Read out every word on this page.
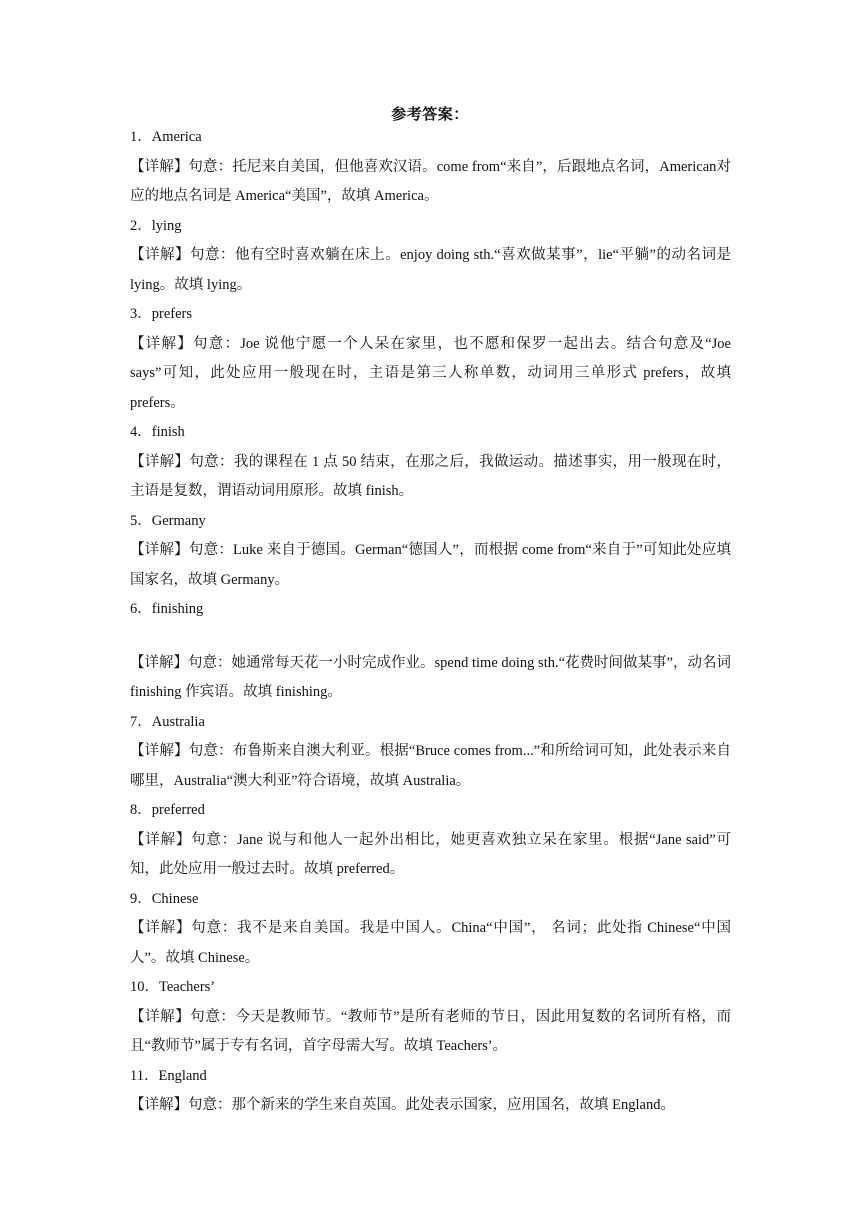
参考答案：
1 ． America
【详解】句意：托尼来自美国，但他喜欢汉语。come from“来自”，后跟地点名词，American对应的地点名词是 America“美国”，故填 America。
2 ． lying
【详解】句意：他有空时喜欢躺在床上。enjoy doing sth.“喜欢做某事”，lie“平躺”的动名词是 lying。故填 lying。
3 ． prefers
【详解】句意：Joe 说他宁愿一个人呆在家里，也不愿和保罗一起出去。结合句意及“Joe says”可知，此处应用一般现在时，主语是第三人称单数，动词用三单形式 prefers，故填 prefers。
4 ． finish
【详解】句意：我的课程在 1 点 50 结束，在那之后，我做运动。描述事实，用一般现在时，主语是复数，谓语动词用原形。故填 finish。
5 ． Germany
【详解】句意：Luke 来自于德国。German“德国人”，而根据 come from“来自于”可知此处应填国家名，故填 Germany。
6 ． finishing
【详解】句意：她通常每天花一小时完成作业。spend time doing sth.“花费时间做某事”，动名词 finishing 作宾语。故填 finishing。
7 ． Australia
【详解】句意：布鲁斯来自澳大利亚。根据“Bruce comes from...”和所给词可知，此处表示来自哪里，Australia“澳大利亚”符合语境，故填 Australia。
8 ． preferred
【详解】句意：Jane 说与和他人一起外出相比，她更喜欢独立呆在家里。根据“Jane said”可知，此处应用一般过去时。故填 preferred。
9 ． Chinese
【详解】句意：我不是来自美国。我是中国人。China“中国”， 名词；此处指 Chinese“中国人”。故填 Chinese。
10 ． Teachers’
【详解】句意：今天是教师节。“教师节”是所有老师的节日，因此用复数的名词所有格，而且“教师节”属于专有名词，首字母需大写。故填 Teachers’。
11 ． England
【详解】句意：那个新来的学生来自英国。此处表示国家，应用国名，故填 England。
